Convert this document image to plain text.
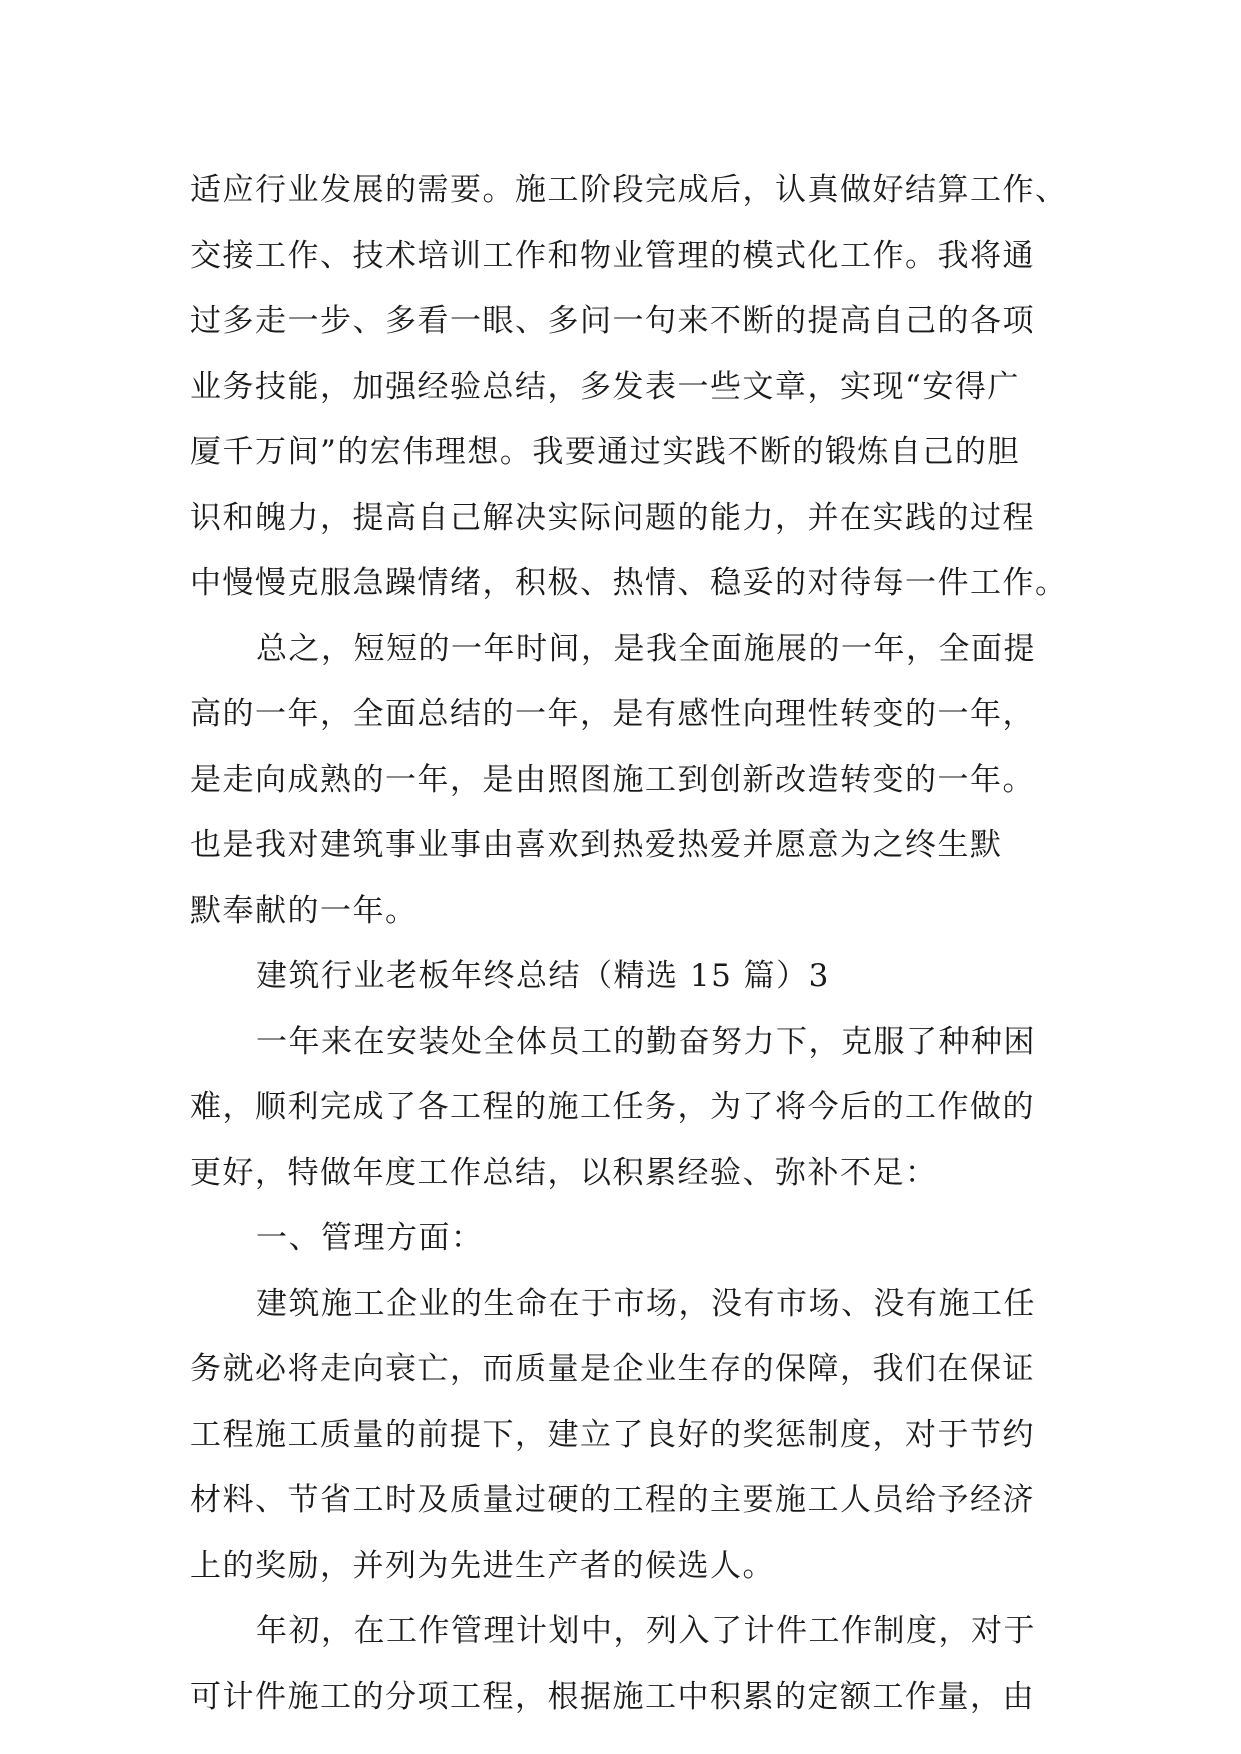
适应行业发展的需要。施工阶段完成后，认真做好结算工作、
交接工作、技术培训工作和物业管理的模式化工作。我将通
过多走一步、多看一眼、多问一句来不断的提高自己的各项
业务技能，加强经验总结，多发表一些文章，实现“安得广
厦千万间”的宏伟理想。我要通过实践不断的锻炼自己的胆
识和魄力，提高自己解决实际问题的能力，并在实践的过程
中慢慢克服急躁情绪，积极、热情、稳妥的对待每一件工作。
总之，短短的一年时间，是我全面施展的一年，全面提
高的一年，全面总结的一年，是有感性向理性转变的一年，
是走向成熟的一年，是由照图施工到创新改造转变的一年。
也是我对建筑事业事由喜欢到热爱热爱并愿意为之终生默
默奉献的一年。
建筑行业老板年终总结（精选 15 篇）3
一年来在安装处全体员工的勤奋努力下，克服了种种困
难，顺利完成了各工程的施工任务，为了将今后的工作做的
更好，特做年度工作总结，以积累经验、弥补不足：
一、管理方面：
建筑施工企业的生命在于市场，没有市场、没有施工任
务就必将走向衰亡，而质量是企业生存的保障，我们在保证
工程施工质量的前提下，建立了良好的奖惩制度，对于节约
材料、节省工时及质量过硬的工程的主要施工人员给予经济
上的奖励，并列为先进生产者的候选人。
年初，在工作管理计划中，列入了计件工作制度，对于
可计件施工的分项工程，根据施工中积累的定额工作量，由
